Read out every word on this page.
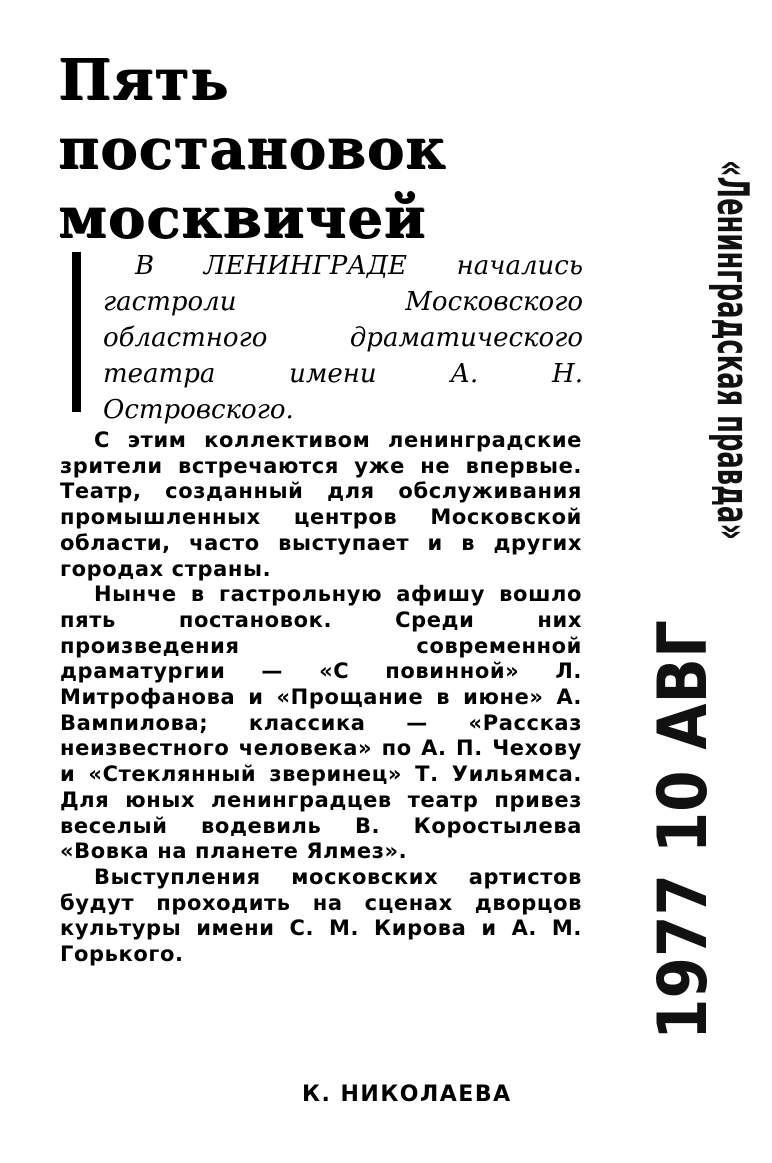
Пять
постановок
москвичей

В ЛЕНИНГРАДЕ начались гастроли Московского областного драматического театра имени А. Н. Островского.

С этим коллективом ленинградские зрители встречаются уже не впервые. Театр, созданный для обслуживания промышленных центров Московской области, часто выступает и в других городах страны.

Нынче в гастрольную афишу вошло пять постановок. Среди них произведения современной драматургии — «С повинной» Л. Митрофанова и «Прощание в июне» А. Вампилова; классика — «Рассказ неизвестного человека» по А. П. Чехову и «Стеклянный зверинец» Т. Уильямса. Для юных ленинградцев театр привез веселый водевиль В. Коростылева «Вовка на планете Ялмез».

Выступления московских артистов будут проходить на сценах дворцов культуры имени С. М. Кирова и А. М. Горького.

К. НИКОЛАЕВА
«Ленинградская правда»
1977 10 АВГ
